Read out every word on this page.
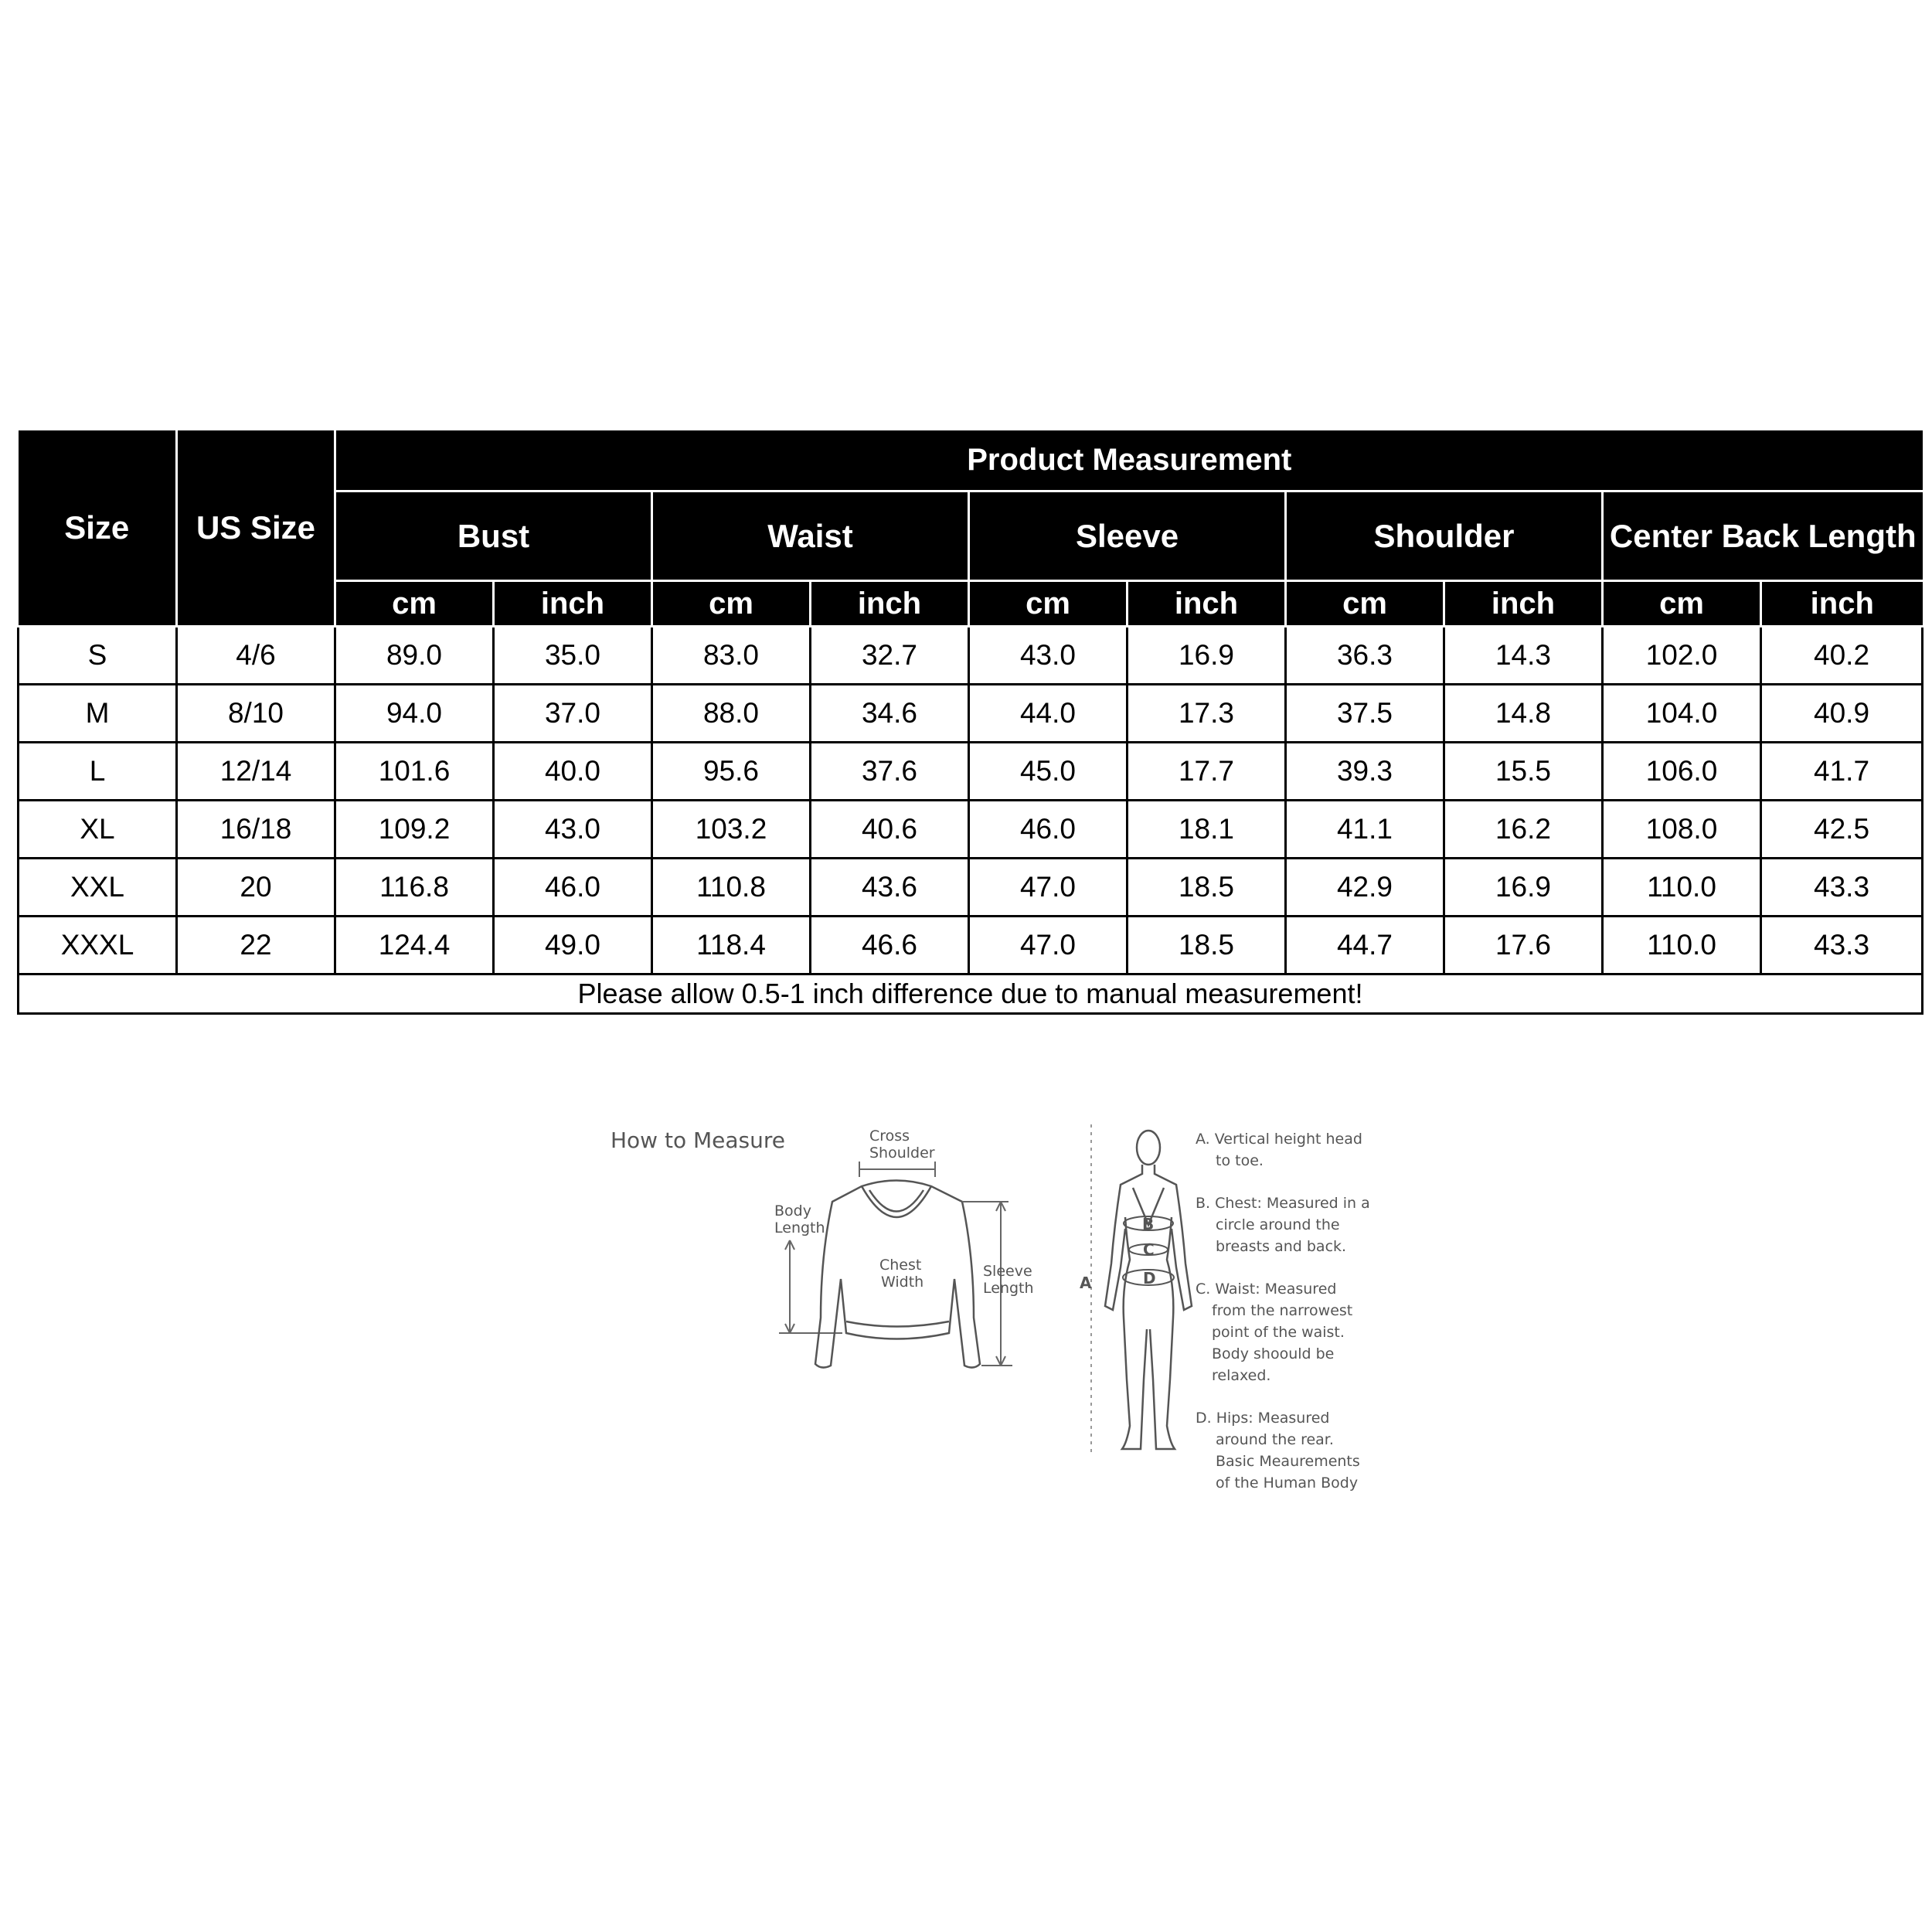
Size	US Size	Product Measurement									
		Bust		Waist		Sleeve		Shoulder		Center Back Length	
		cm	inch	cm	inch	cm	inch	cm	inch	cm	inch
S	4/6	89.0	35.0	83.0	32.7	43.0	16.9	36.3	14.3	102.0	40.2
M	8/10	94.0	37.0	88.0	34.6	44.0	17.3	37.5	14.8	104.0	40.9
L	12/14	101.6	40.0	95.6	37.6	45.0	17.7	39.3	15.5	106.0	41.7
XL	16/18	109.2	43.0	103.2	40.6	46.0	18.1	41.1	16.2	108.0	42.5
XXL	20	116.8	46.0	110.8	43.6	47.0	18.5	42.9	16.9	110.0	43.3
XXXL	22	124.4	49.0	118.4	46.6	47.0	18.5	44.7	17.6	110.0	43.3
Please allow 0.5-1 inch difference due to manual measurement!											
How to Measure	Cross
Shoulder
Body
Length
Chest
Width
Sleeve
Length	A
B
C
D
A. Vertical height head
to toe.
B. Chest: Measured in a
circle around the
breasts and back.
C. Waist: Measured
from the narrowest
point of the waist.
Body shoould be
relaxed.
D. Hips: Measured
around the rear.
Basic Meaurements
of the Human Body
